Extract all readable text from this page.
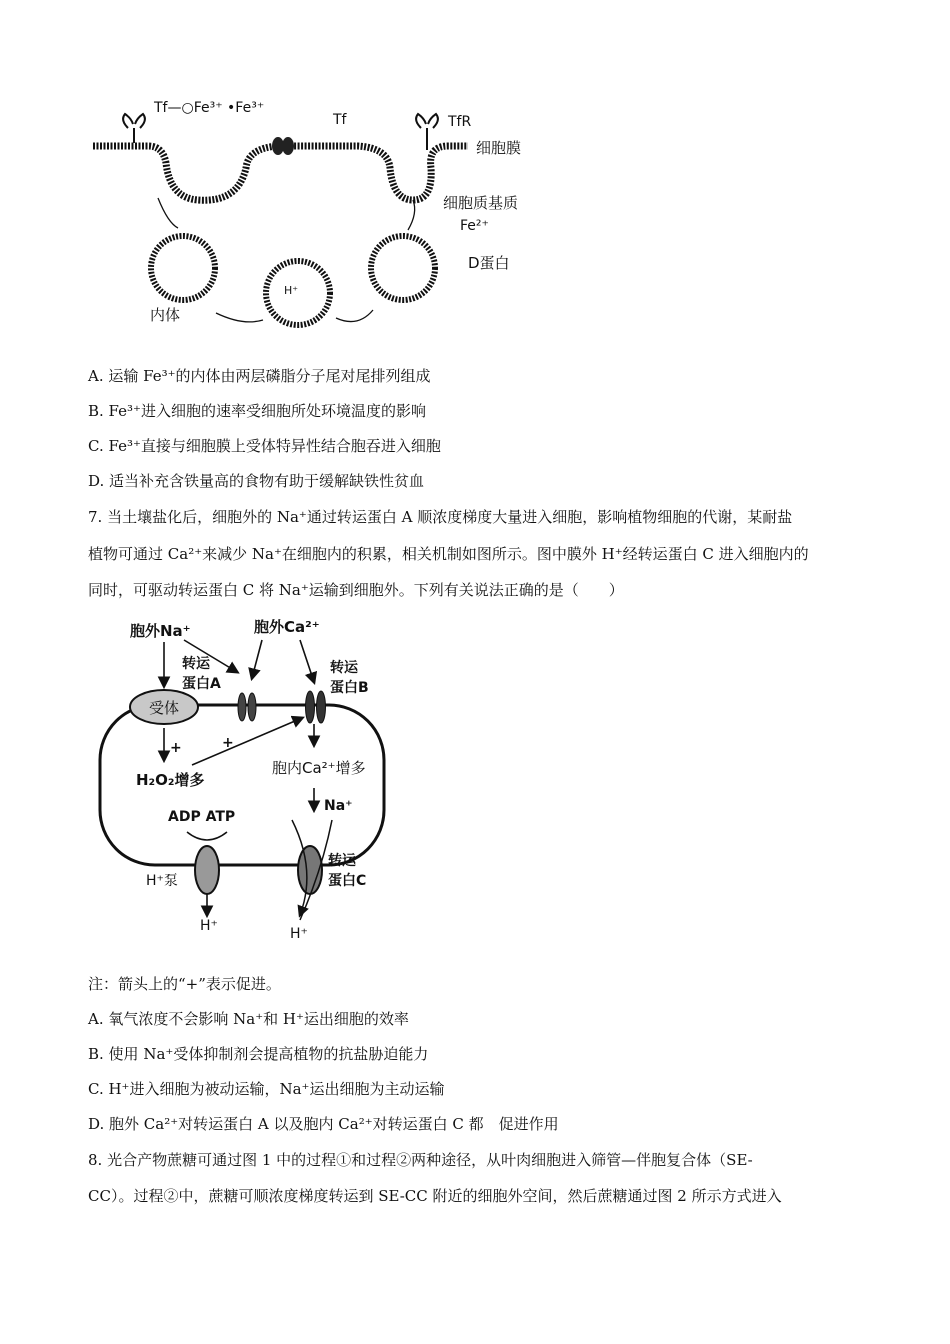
Tf—○Fe³⁺ •Fe³⁺
Tf	TfR
细胞膜
细胞质基质
Fe²⁺
D蛋白
内体
H⁺
A. 运输 Fe³⁺的内体由两层磷脂分子尾对尾排列组成
B. Fe³⁺进入细胞的速率受细胞所处环境温度的影响
C. Fe³⁺直接与细胞膜上受体特异性结合胞吞进入细胞
D. 适当补充含铁量高的食物有助于缓解缺铁性贫血
7. 当土壤盐化后，细胞外的 Na⁺通过转运蛋白 A 顺浓度梯度大量进入细胞，影响植物细胞的代谢，某耐盐
植物可通过 Ca²⁺来减少 Na⁺在细胞内的积累，相关机制如图所示。图中膜外 H⁺经转运蛋白 C 进入细胞内的
同时，可驱动转运蛋白 C 将 Na⁺运输到细胞外。下列有关说法正确的是（　　）
胞外Na⁺	胞外Ca²⁺
转运
蛋白A
转运
蛋白B
受体
+	+
H₂O₂增多
胞内Ca²⁺增多
Na⁺
ADP ATP
H⁺泵
H⁺
转运
蛋白C
H⁺
注：箭头上的“+”表示促进。
A. 氧气浓度不会影响 Na⁺和 H⁺运出细胞的效率
B. 使用 Na⁺受体抑制剂会提高植物的抗盐胁迫能力
C. H⁺进入细胞为被动运输，Na⁺运出细胞为主动运输
D. 胞外 Ca²⁺对转运蛋白 A 以及胞内 Ca²⁺对转运蛋白 C 都　促进作用
8. 光合产物蔗糖可通过图 1 中的过程①和过程②两种途径，从叶肉细胞进入筛管—伴胞复合体（SE-
CC）。过程②中，蔗糖可顺浓度梯度转运到 SE-CC 附近的细胞外空间，然后蔗糖通过图 2 所示方式进入
